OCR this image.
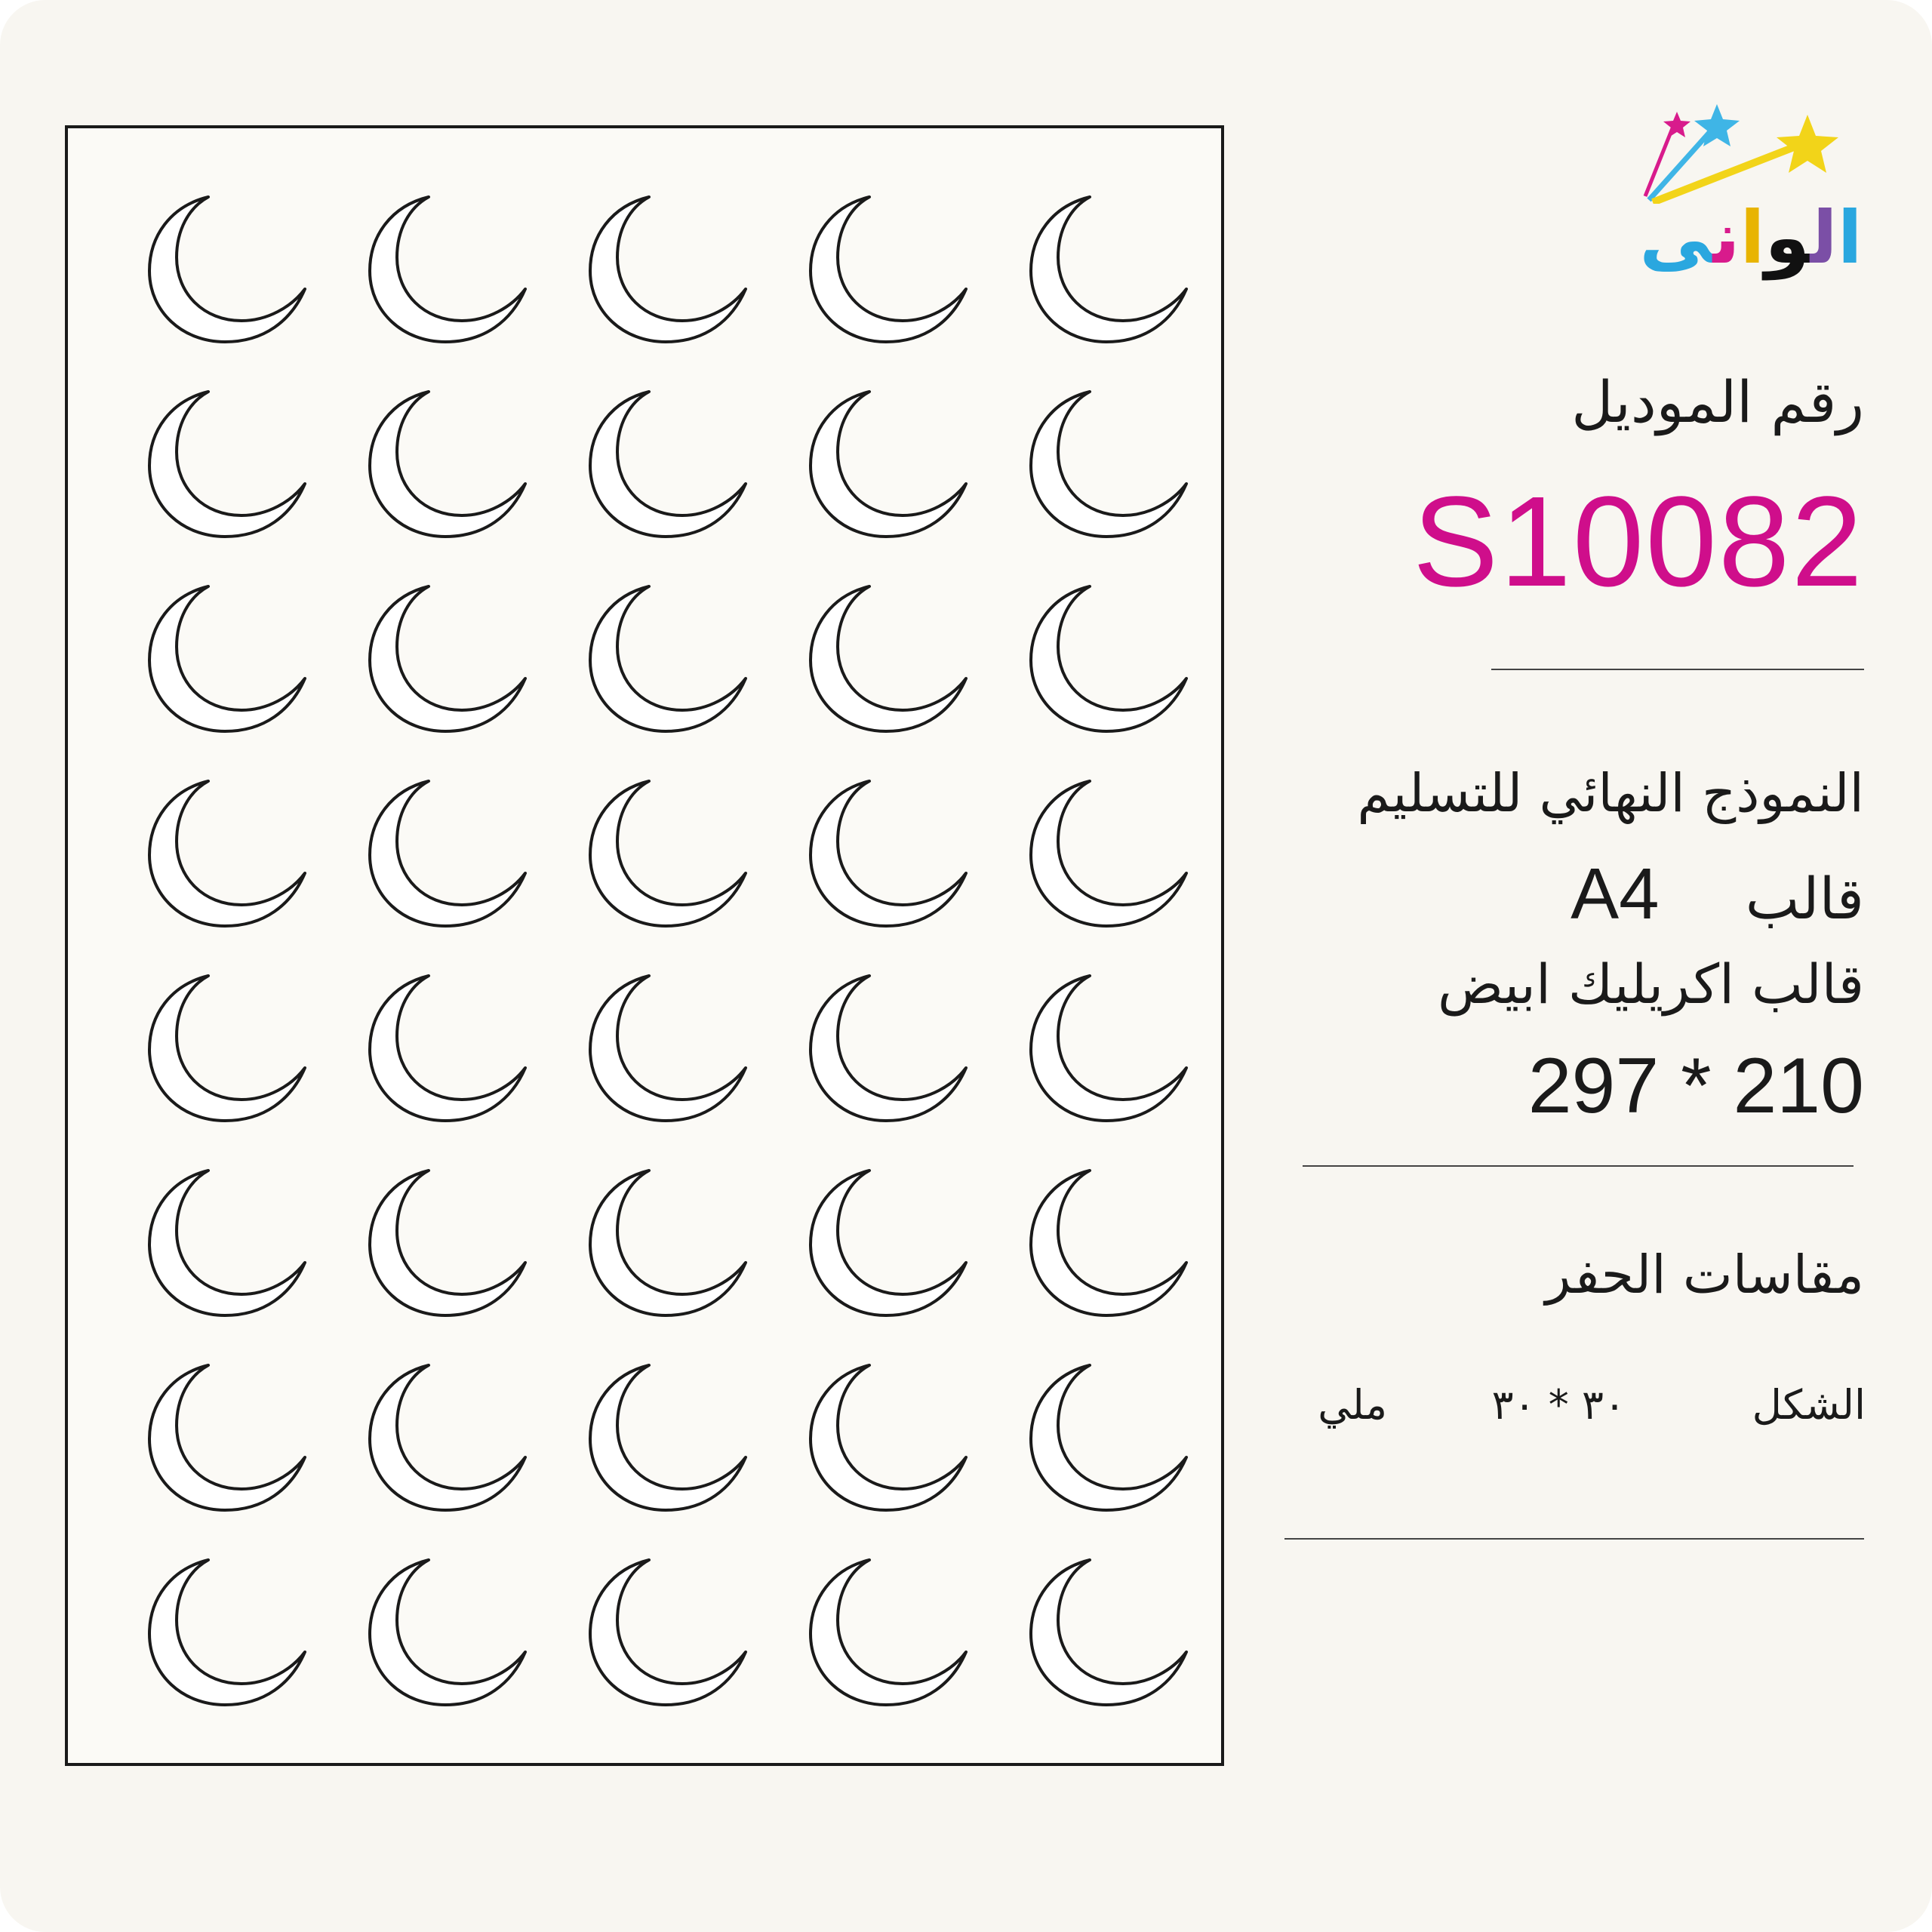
الوانى
رقم الموديل
S10082
النموذج النهائي للتسليم
قالب A4
قالب اكريليك ابيض
297 * 210
مقاسات الحفر
الشكل
٣٠ * ٣٠
ملي
